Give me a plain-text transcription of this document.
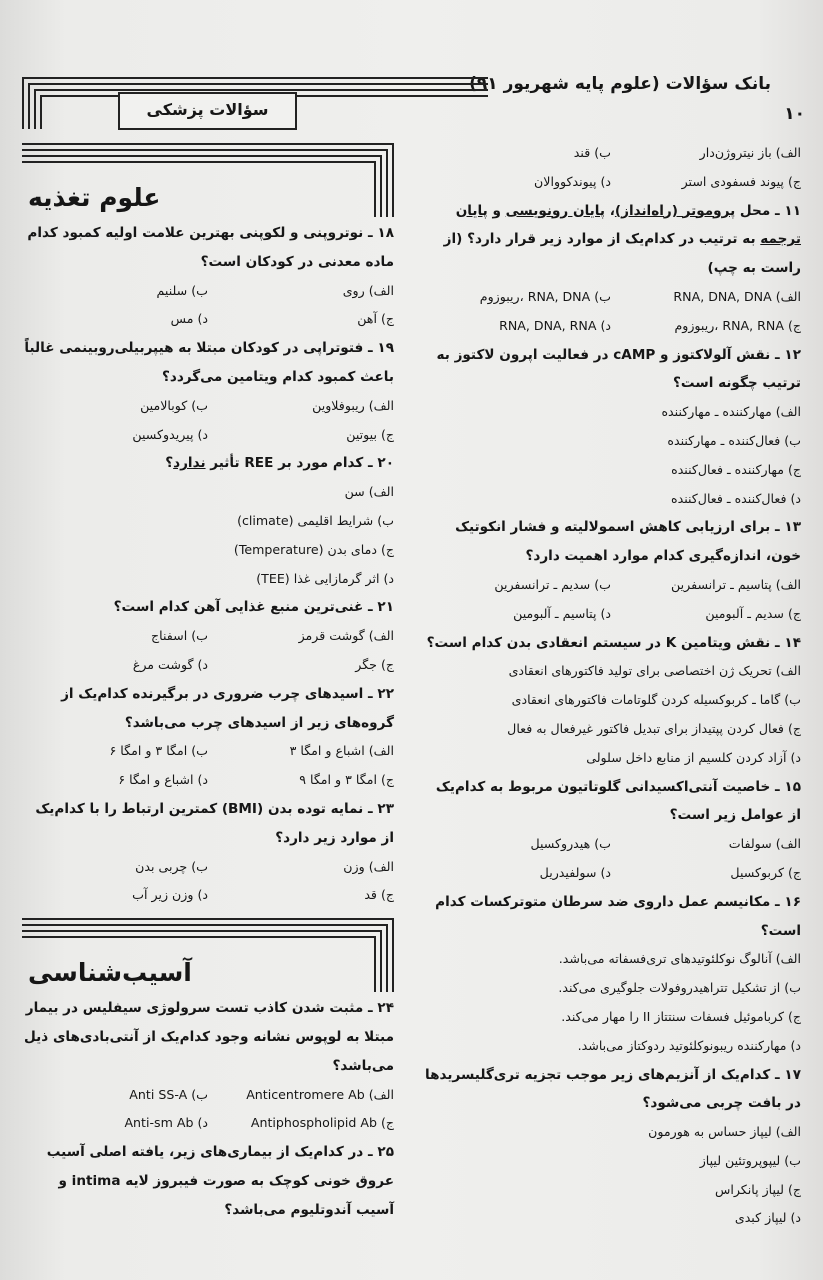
بانک سؤالات (علوم پایه شهریور ۹۱)
۱۰
سؤالات پزشکی
الف) باز نیتروژن‌دار
ب) قند
ج) پیوند فسفودی استر
د) پیوندکووالان
۱۱ ـ محل پروموتر (راه‌انداز)، پایان رونویسی و پایان ترجمه به ترتیب در کدام‌یک از موارد زیر قرار دارد؟ (از راست به چپ)
الف) RNA, DNA, DNA
ب) RNA, DNA ،ریبوزوم
ج) RNA, RNA ،ریبوزوم
د) RNA, DNA, RNA
۱۲ ـ نقش آلولاکتوز و cAMP در فعالیت اپرون لاکتوز به ترتیب چگونه است؟
الف) مهارکننده ـ مهارکننده
ب) فعال‌کننده ـ مهارکننده
ج) مهارکننده ـ فعال‌کننده
د) فعال‌کننده ـ فعال‌کننده
۱۳ ـ برای ارزیابی کاهش اسمولالیته و فشار انکوتیک خون، اندازه‌گیری کدام موارد اهمیت دارد؟
الف) پتاسیم ـ ترانسفرین
ب) سدیم ـ ترانسفرین
ج) سدیم ـ آلبومین
د) پتاسیم ـ آلبومین
۱۴ ـ نقش ویتامین K در سیستم انعقادی بدن کدام است؟
الف) تحریک ژن اختصاصی برای تولید فاکتورهای انعقادی
ب) گاما ـ کربوکسیله کردن گلوتامات فاکتورهای انعقادی
ج) فعال کردن پپتیداز برای تبدیل فاکتور غیرفعال به فعال
د) آزاد کردن کلسیم از منابع داخل سلولی
۱۵ ـ خاصیت آنتی‌اکسیدانی گلوتاتیون مربوط به کدام‌یک از عوامل زیر است؟
الف) سولفات
ب) هیدروکسیل
ج) کربوکسیل
د) سولفیدریل
۱۶ ـ مکانیسم عمل داروی ضد سرطان متوترکسات کدام است؟
الف) آنالوگ نوکلئوتیدهای تری‌فسفاته می‌باشد.
ب) از تشکیل تتراهیدروفولات جلوگیری می‌کند.
ج) کرباموئیل فسفات سنتتاز II را مهار می‌کند.
د) مهارکننده ریبونوکلئوتید ردوکتاز می‌باشد.
۱۷ ـ کدام‌یک از آنزیم‌های زیر موجب تجزیه تری‌گلیسریدها در بافت چربی می‌شود؟
الف) لیپاز حساس به هورمون
ب) لیپوپروتئین لیپاز
ج) لیپاز پانکراس
د) لیپاز کبدی
علوم تغذیه
۱۸ ـ نوتروپنی و لکوپنی بهترین علامت اولیه کمبود کدام ماده معدنی در کودکان است؟
الف) روی
ب) سلنیم
ج) آهن
د) مس
۱۹ ـ فتوتراپی در کودکان مبتلا به هیپربیلی‌روبینمی غالباً باعث کمبود کدام ویتامین می‌گردد؟
الف) ریبوفلاوین
ب) کوبالامین
ج) بیوتین
د) پیریدوکسین
۲۰ ـ کدام مورد بر REE تأثیر ندارد؟
الف) سن
ب) شرایط اقلیمی (climate)
ج) دمای بدن (Temperature)
د) اثر گرمازایی غذا (TEE)
۲۱ ـ غنی‌ترین منبع غذایی آهن کدام است؟
الف) گوشت قرمز
ب) اسفناج
ج) جگر
د) گوشت مرغ
۲۲ ـ اسیدهای چرب ضروری در برگیرنده کدام‌یک از گروه‌های زیر از اسیدهای چرب می‌باشد؟
الف) اشباع و امگا ۳
ب) امگا ۳ و امگا ۶
ج) امگا ۳ و امگا ۹
د) اشباع و امگا ۶
۲۳ ـ نمایه توده بدن (BMI) کمترین ارتباط را با کدام‌یک از موارد زیر دارد؟
الف) وزن
ب) چربی بدن
ج) قد
د) وزن زیر آب
آسیب‌شناسی
۲۴ ـ مثبت شدن کاذب تست سرولوژی سیفلیس در بیمار مبتلا به لوپوس نشانه وجود کدام‌یک از آنتی‌بادی‌های ذیل می‌باشد؟
الف) Anticentromere Ab
ب) Anti SS-A
ج) Antiphospholipid Ab
د) Anti-sm Ab
۲۵ ـ در کدام‌یک از بیماری‌های زیر، یافته اصلی آسیب عروق خونی کوچک به صورت فیبروز لایه intima و آسیب آندوتلیوم می‌باشد؟
